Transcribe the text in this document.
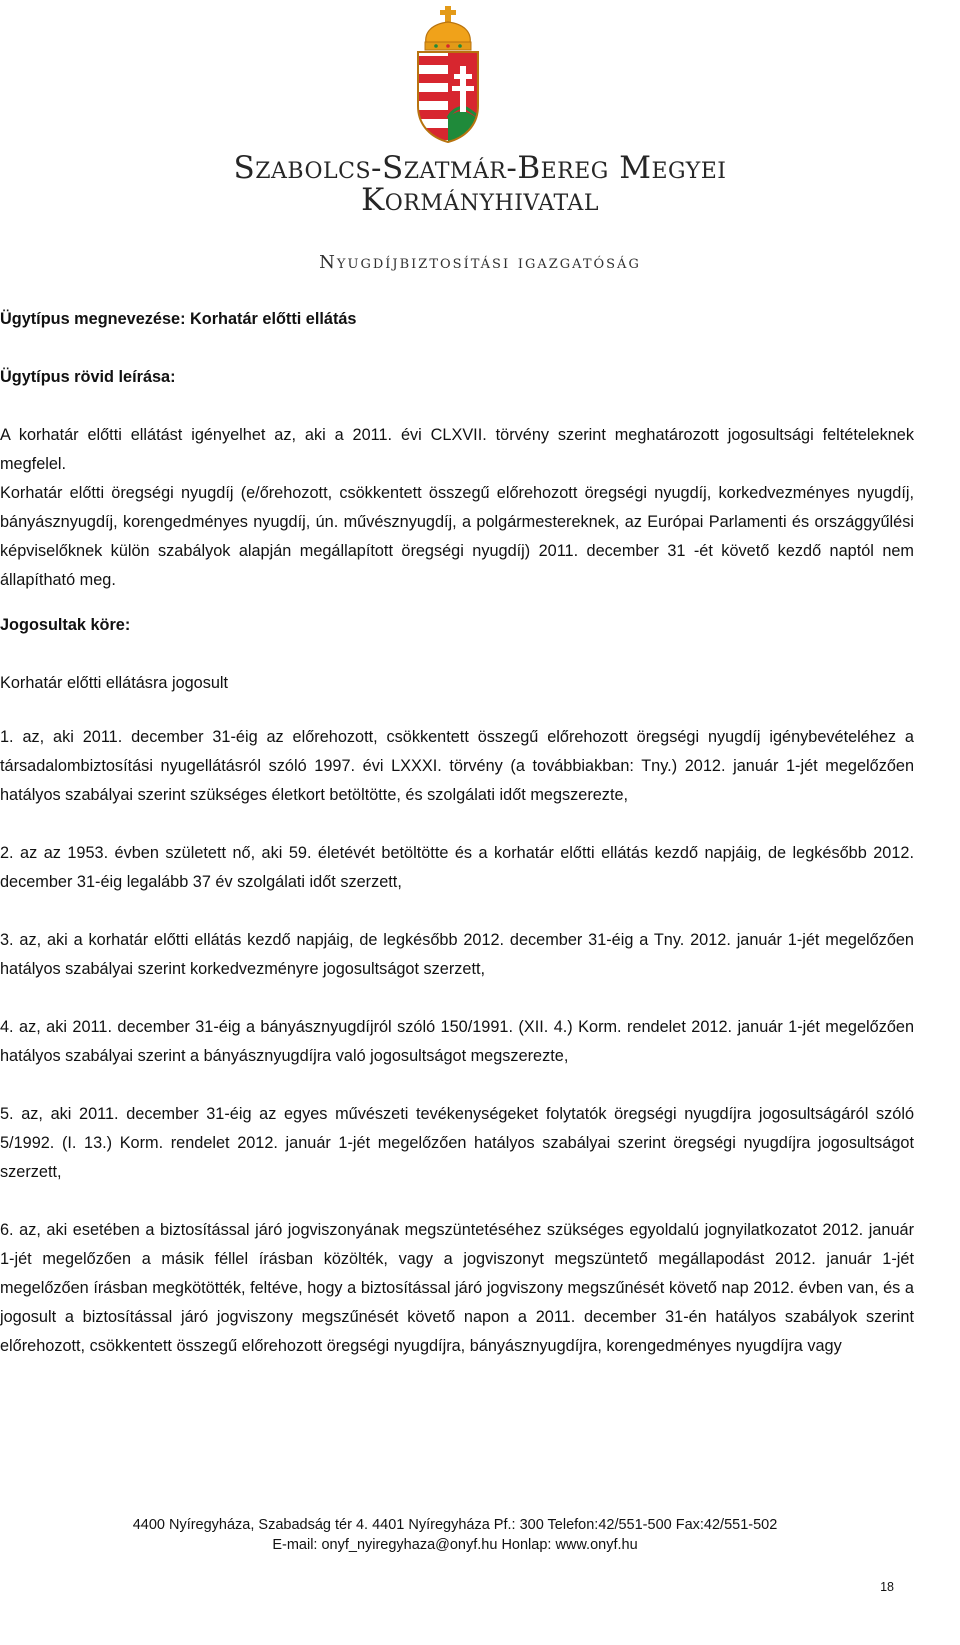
Szabolcs-Szatmár-Bereg Megyei
Kormányhivatal
Nyugdíjbiztosítási igazgatóság

Ügytípus megnevezése: Korhatár előtti ellátás

Ügytípus rövid leírása:

A korhatár előtti ellátást igényelhet az, aki a 2011. évi CLXVII. törvény szerint meghatározott jogosultsági feltételeknek megfelel.

Korhatár előtti öregségi nyugdíj (e/őrehozott, csökkentett összegű előrehozott öregségi nyugdíj, korkedvezményes nyugdíj, bányásznyugdíj, korengedményes nyugdíj, ún. művésznyugdíj, a polgármestereknek, az Európai Parlamenti és országgyűlési képviselőknek külön szabályok alapján megállapított öregségi nyugdíj) 2011. december 31 -ét követő kezdő naptól nem állapítható meg.

Jogosultak köre:

Korhatár előtti ellátásra jogosult

1. az, aki 2011. december 31-éig az előrehozott, csökkentett összegű előrehozott öregségi nyugdíj igénybevételéhez a társadalombiztosítási nyugellátásról szóló 1997. évi LXXXI. törvény (a továbbiakban: Tny.) 2012. január 1-jét megelőzően hatályos szabályai szerint szükséges életkort betöltötte, és szolgálati időt megszerezte,

2. az az 1953. évben született nő, aki 59. életévét betöltötte és a korhatár előtti ellátás kezdő napjáig, de legkésőbb 2012. december 31-éig legalább 37 év szolgálati időt szerzett,

3. az, aki a korhatár előtti ellátás kezdő napjáig, de legkésőbb 2012. december 31-éig a Tny. 2012. január 1-jét megelőzően hatályos szabályai szerint korkedvezményre jogosultságot szerzett,

4. az, aki 2011. december 31-éig a bányásznyugdíjról szóló 150/1991. (XII. 4.) Korm. rendelet 2012. január 1-jét megelőzően hatályos szabályai szerint a bányásznyugdíjra való jogosultságot megszerezte,

5. az, aki 2011. december 31-éig az egyes művészeti tevékenységeket folytatók öregségi nyugdíjra jogosultságáról szóló 5/1992. (I. 13.) Korm. rendelet 2012. január 1-jét megelőzően hatályos szabályai szerint öregségi nyugdíjra jogosultságot szerzett,

6. az, aki esetében a biztosítással járó jogviszonyának megszüntetéséhez szükséges egyoldalú jognyilatkozatot 2012. január 1-jét megelőzően a másik féllel írásban közölték, vagy a jogviszonyt megszüntető megállapodást 2012. január 1-jét megelőzően írásban megkötötték, feltéve, hogy a biztosítással járó jogviszony megszűnését követő nap 2012. évben van, és a jogosult a biztosítással járó jogviszony megszűnését követő napon a 2011. december 31-én hatályos szabályok szerint előrehozott, csökkentett összegű előrehozott öregségi nyugdíjra, bányásznyugdíjra, korengedményes nyugdíjra vagy

4400 Nyíregyháza, Szabadság tér 4. 4401 Nyíregyháza Pf.: 300 Telefon:42/551-500 Fax:42/551-502
E-mail: onyf_nyiregyhaza@onyf.hu Honlap: www.onyf.hu
18
